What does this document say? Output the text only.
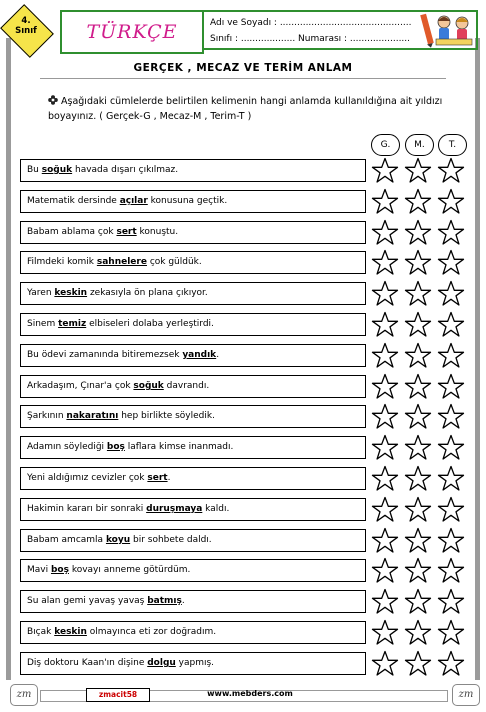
4.
Sınıf	TÜRKÇE	Adı ve Soyadı : ..............................................
Sınıfı : ................... Numarası : .....................
GERÇEK , MECAZ VE TERİM ANLAM
Aşağıdaki cümlelerde belirtilen kelimenin hangi anlamda kullanıldığına ait yıldızı boyayınız. ( Gerçek-G , Mecaz-M , Terim-T )
G.	M.	T.
Bu soğuk havada dışarı çıkılmaz.
Matematik dersinde açılar konusuna geçtik.
Babam ablama çok sert konuştu.
Filmdeki komik sahnelere çok güldük.
Yaren keskin zekasıyla ön plana çıkıyor.
Sinem temiz elbiseleri dolaba yerleştirdi.
Bu ödevi zamanında bitiremezsek yandık.
Arkadaşım, Çınar'a çok soğuk davrandı.
Şarkının nakaratını hep birlikte söyledik.
Adamın söylediği boş laflara kimse inanmadı.
Yeni aldığımız cevizler çok sert.
Hakimin kararı bir sonraki duruşmaya kaldı.
Babam amcamla koyu bir sohbete daldı.
Mavi boş kovayı anneme götürdüm.
Su alan gemi yavaş yavaş batmış.
Bıçak keskin olmayınca eti zor doğradım.
Diş doktoru Kaan'ın dişine dolgu yapmış.
zmacit58	www.mebders.com
zm	zm
